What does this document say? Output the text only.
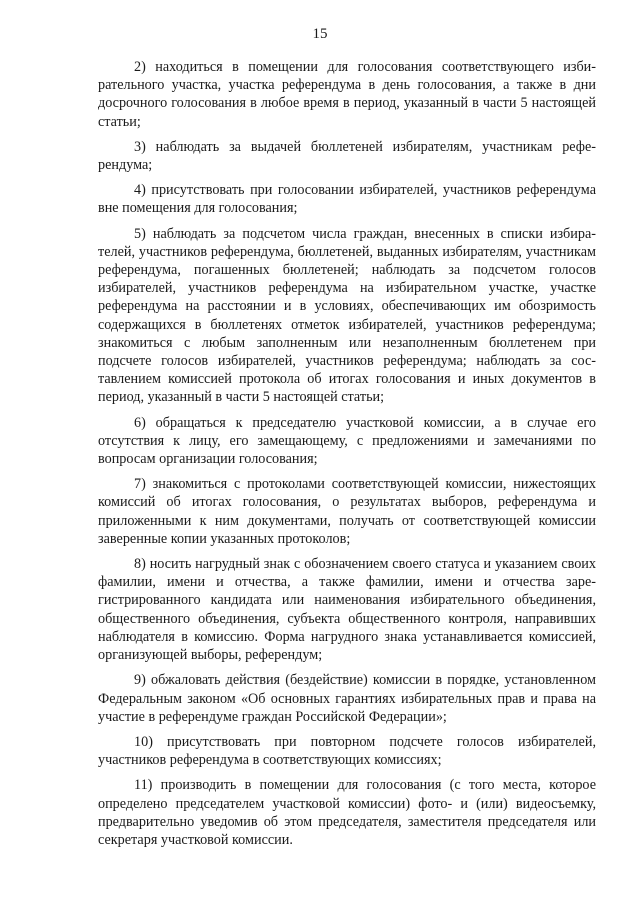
15

2) находиться в помещении для голосования соответствующего избирательного участка, участка референдума в день голосования, а также в дни досрочного голосования в любое время в период, указанный в части 5 настоящей статьи;

3) наблюдать за выдачей бюллетеней избирателям, участникам референдума;

4) присутствовать при голосовании избирателей, участников референдума вне помещения для голосования;

5) наблюдать за подсчетом числа граждан, внесенных в списки избирателей, участников референдума, бюллетеней, выданных избирателям, участникам референдума, погашенных бюллетеней; наблюдать за подсчетом голосов избирателей, участников референдума на избирательном участке, участке референдума на расстоянии и в условиях, обеспечивающих им обозримость содержащихся в бюллетенях отметок избирателей, участников референдума; знакомиться с любым заполненным или незаполненным бюллетенем при подсчете голосов избирателей, участников референдума; наблюдать за составлением комиссией протокола об итогах голосования и иных документов в период, указанный в части 5 настоящей статьи;

6) обращаться к председателю участковой комиссии, а в случае его отсутствия к лицу, его замещающему, с предложениями и замечаниями по вопросам организации голосования;

7) знакомиться с протоколами соответствующей комиссии, нижестоящих комиссий об итогах голосования, о результатах выборов, референдума и приложенными к ним документами, получать от соответствующей комиссии заверенные копии указанных протоколов;

8) носить нагрудный знак с обозначением своего статуса и указанием своих фамилии, имени и отчества, а также фамилии, имени и отчества зарегистрированного кандидата или наименования избирательного объединения, общественного объединения, субъекта общественного контроля, направивших наблюдателя в комиссию. Форма нагрудного знака устанавливается комиссией, организующей выборы, референдум;

9) обжаловать действия (бездействие) комиссии в порядке, установленном Федеральным законом «Об основных гарантиях избирательных прав и права на участие в референдуме граждан Российской Федерации»;

10) присутствовать при повторном подсчете голосов избирателей, участников референдума в соответствующих комиссиях;

11) производить в помещении для голосования (с того места, которое определено председателем участковой комиссии) фото- и (или) видеосъемку, предварительно уведомив об этом председателя, заместителя председателя или секретаря участковой комиссии.
